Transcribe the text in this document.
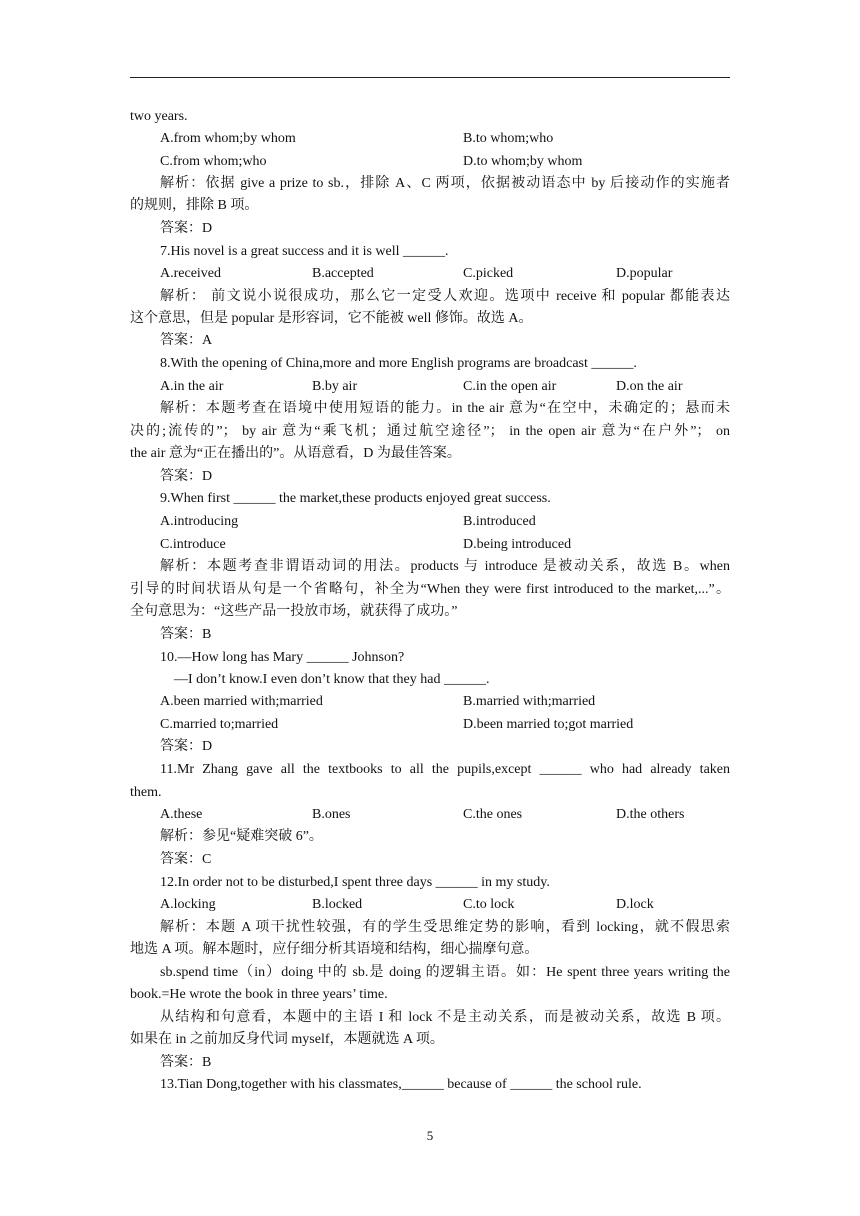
two years.
A.from whom;by whom	B.to whom;who
C.from whom;who	D.to whom;by whom
解析：依据 give a prize to sb.，排除 A、C 两项，依据被动语态中 by 后接动作的实施者
的规则，排除 B 项。
答案：D
7.His novel is a great success and it is well ______.
A.received	B.accepted	C.picked	D.popular
解析： 前文说小说很成功，那么它一定受人欢迎。选项中 receive 和 popular 都能表达
这个意思，但是 popular 是形容词，它不能被 well 修饰。故选 A。
答案：A
8.With the opening of China,more and more English programs are broadcast ______.
A.in the air	B.by air	C.in the open air	D.on the air
解析：本题考查在语境中使用短语的能力。in the air 意为“在空中，未确定的；悬而未
决的;流传的”； by air 意为“乘飞机；通过航空途径”； in the open air 意为“在户外”； on
the air 意为“正在播出的”。从语意看，D 为最佳答案。
答案：D
9.When first ______ the market,these products enjoyed great success.
A.introducing	B.introduced
C.introduce	D.being introduced
解析：本题考查非谓语动词的用法。products 与 introduce 是被动关系，故选 B。when
引导的时间状语从句是一个省略句，补全为“When they were first introduced to the market,...”。
全句意思为：“这些产品一投放市场，就获得了成功。”
答案：B
10.—How long has Mary ______ Johnson?
—I don’t know.I even don’t know that they had ______.
A.been married with;married	B.married with;married
C.married to;married	D.been married to;got married
答案：D
11.Mr Zhang gave all the textbooks to all the pupils,except ______ who had already taken
them.
A.these	B.ones	C.the ones	D.the others
解析：参见“疑难突破 6”。
答案：C
12.In order not to be disturbed,I spent three days ______ in my study.
A.locking	B.locked	C.to lock	D.lock
解析：本题 A 项干扰性较强，有的学生受思维定势的影响，看到 locking，就不假思索
地选 A 项。解本题时，应仔细分析其语境和结构，细心揣摩句意。
sb.spend time（in）doing 中的 sb.是 doing 的逻辑主语。如：He spent three years writing the
book.=He wrote the book in three years’ time.
从结构和句意看，本题中的主语 I 和 lock 不是主动关系，而是被动关系，故选 B 项。
如果在 in 之前加反身代词 myself，本题就选 A 项。
答案：B
13.Tian Dong,together with his classmates,______ because of ______ the school rule.
5
